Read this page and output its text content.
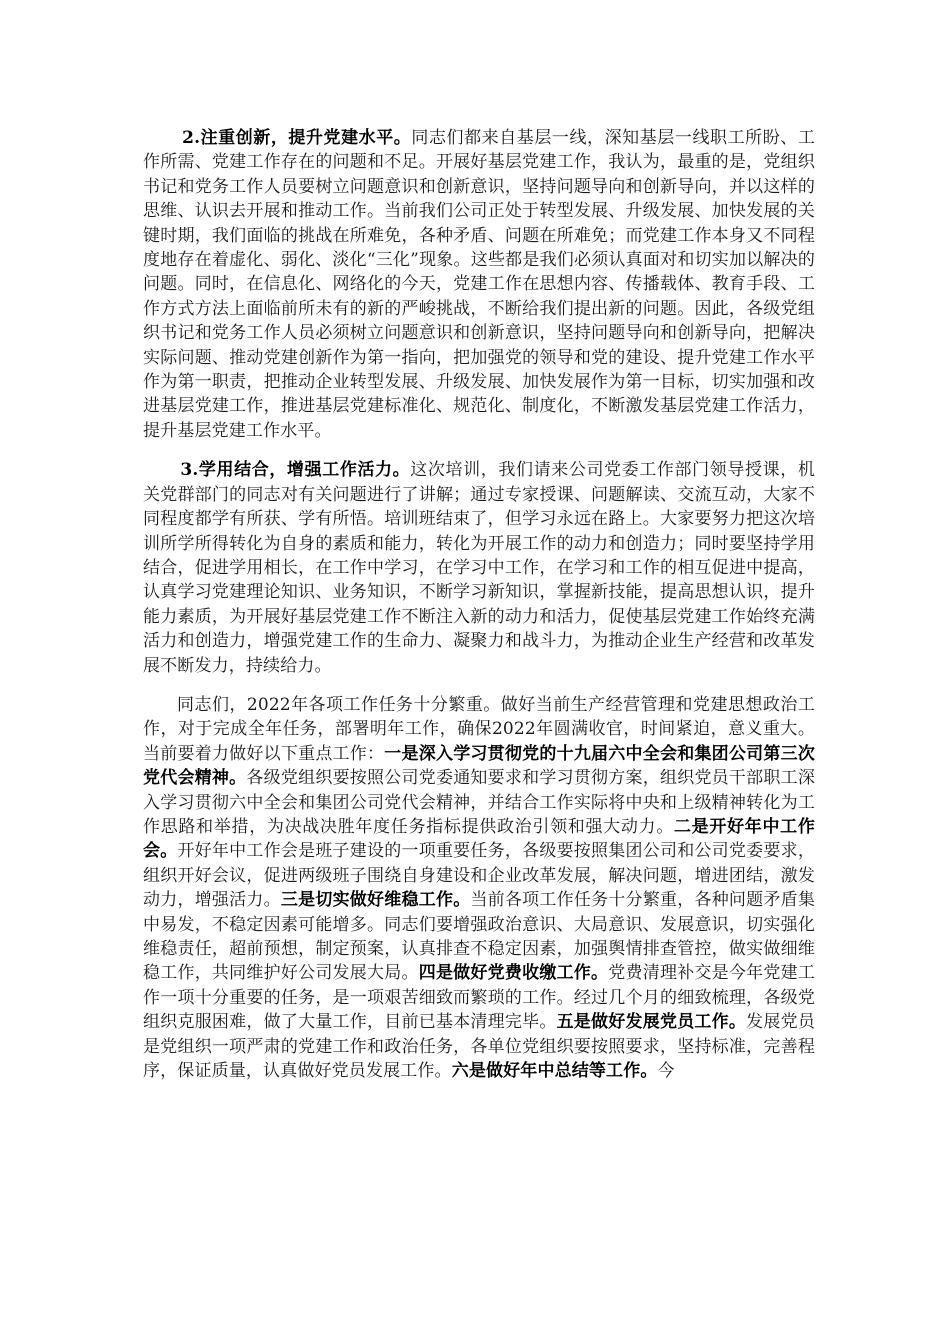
2.注重创新，提升党建水平。同志们都来自基层一线，深知基层一线职工所盼、工作所需、党建工作存在的问题和不足。开展好基层党建工作，我认为，最重的是，党组织书记和党务工作人员要树立问题意识和创新意识，坚持问题导向和创新导向，并以这样的思维、认识去开展和推动工作。当前我们公司正处于转型发展、升级发展、加快发展的关键时期，我们面临的挑战在所难免，各种矛盾、问题在所难免；而党建工作本身又不同程度地存在着虚化、弱化、淡化“三化”现象。这些都是我们必须认真面对和切实加以解决的问题。同时，在信息化、网络化的今天，党建工作在思想内容、传播载体、教育手段、工作方式方法上面临前所未有的新的严峻挑战，不断给我们提出新的问题。因此，各级党组织书记和党务工作人员必须树立问题意识和创新意识，坚持问题导向和创新导向，把解决实际问题、推动党建创新作为第一指向，把加强党的领导和党的建设、提升党建工作水平作为第一职责，把推动企业转型发展、升级发展、加快发展作为第一目标，切实加强和改进基层党建工作，推进基层党建标准化、规范化、制度化，不断激发基层党建工作活力，提升基层党建工作水平。

3.学用结合，增强工作活力。这次培训，我们请来公司党委工作部门领导授课，机关党群部门的同志对有关问题进行了讲解；通过专家授课、问题解读、交流互动，大家不同程度都学有所获、学有所悟。培训班结束了，但学习永远在路上。大家要努力把这次培训所学所得转化为自身的素质和能力，转化为开展工作的动力和创造力；同时要坚持学用结合，促进学用相长，在工作中学习，在学习中工作，在学习和工作的相互促进中提高，认真学习党建理论知识、业务知识，不断学习新知识，掌握新技能，提高思想认识，提升能力素质，为开展好基层党建工作不断注入新的动力和活力，促使基层党建工作始终充满活力和创造力，增强党建工作的生命力、凝聚力和战斗力，为推动企业生产经营和改革发展不断发力，持续给力。

同志们，2022年各项工作任务十分繁重。做好当前生产经营管理和党建思想政治工作，对于完成全年任务，部署明年工作，确保2022年圆满收官，时间紧迫，意义重大。当前要着力做好以下重点工作：一是深入学习贯彻党的十九届六中全会和集团公司第三次党代会精神。各级党组织要按照公司党委通知要求和学习贯彻方案，组织党员干部职工深入学习贯彻六中全会和集团公司党代会精神，并结合工作实际将中央和上级精神转化为工作思路和举措，为决战决胜年度任务指标提供政治引领和强大动力。二是开好年中工作会。开好年中工作会是班子建设的一项重要任务，各级要按照集团公司和公司党委要求，组织开好会议，促进两级班子围绕自身建设和企业改革发展，解决问题，增进团结，激发动力，增强活力。三是切实做好维稳工作。当前各项工作任务十分繁重，各种问题矛盾集中易发，不稳定因素可能增多。同志们要增强政治意识、大局意识、发展意识，切实强化维稳责任，超前预想，制定预案，认真排查不稳定因素，加强舆情排查管控，做实做细维稳工作，共同维护好公司发展大局。四是做好党费收缴工作。党费清理补交是今年党建工作一项十分重要的任务，是一项艰苦细致而繁琐的工作。经过几个月的细致梳理，各级党组织克服困难，做了大量工作，目前已基本清理完毕。五是做好发展党员工作。发展党员是党组织一项严肃的党建工作和政治任务，各单位党组织要按照要求，坚持标准，完善程序，保证质量，认真做好党员发展工作。六是做好年中总结等工作。今
